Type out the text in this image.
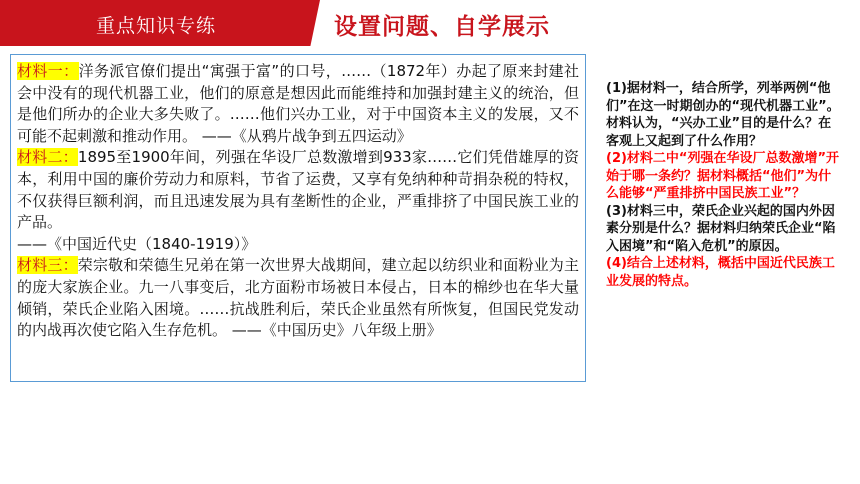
重点知识专练	设置问题、自学展示

材料一：洋务派官僚们提出“寓强于富”的口号，……（1872年）办起了原来封建社会中没有的现代机器工业，他们的原意是想因此而能维持和加强封建主义的统治，但是他们所办的企业大多失败了。……他们兴办工业，对于中国资本主义的发展，又不可能不起刺激和推动作用。 ——《从鸦片战争到五四运动》

材料二：1895至1900年间，列强在华设厂总数激增到933家……它们凭借雄厚的资本，利用中国的廉价劳动力和原料，节省了运费，又享有免纳种种苛捐杂税的特权，不仅获得巨额利润，而且迅速发展为具有垄断性的企业，严重排挤了中国民族工业的产品。

——《中国近代史（1840-1919）》

材料三：荣宗敬和荣德生兄弟在第一次世界大战期间，建立起以纺织业和面粉业为主的庞大家族企业。九一八事变后，北方面粉市场被日本侵占，日本的棉纱也在华大量倾销，荣氏企业陷入困境。……抗战胜利后，荣氏企业虽然有所恢复，但国民党发动的内战再次使它陷入生存危机。 ——《中国历史》八年级上册》

(1)据材料一，结合所学，列举两例“他们”在这一时期创办的“现代机器工业”。材料认为，“兴办工业”目的是什么？在客观上又起到了什么作用？

(2)材料二中“列强在华设厂总数激增”开始于哪一条约？据材料概括“他们”为什么能够“严重排挤中国民族工业”？

(3)材料三中，荣氏企业兴起的国内外因素分别是什么？据材料归纳荣氏企业“陷入困境”和“陷入危机”的原因。

(4)结合上述材料，概括中国近代民族工业发展的特点。
